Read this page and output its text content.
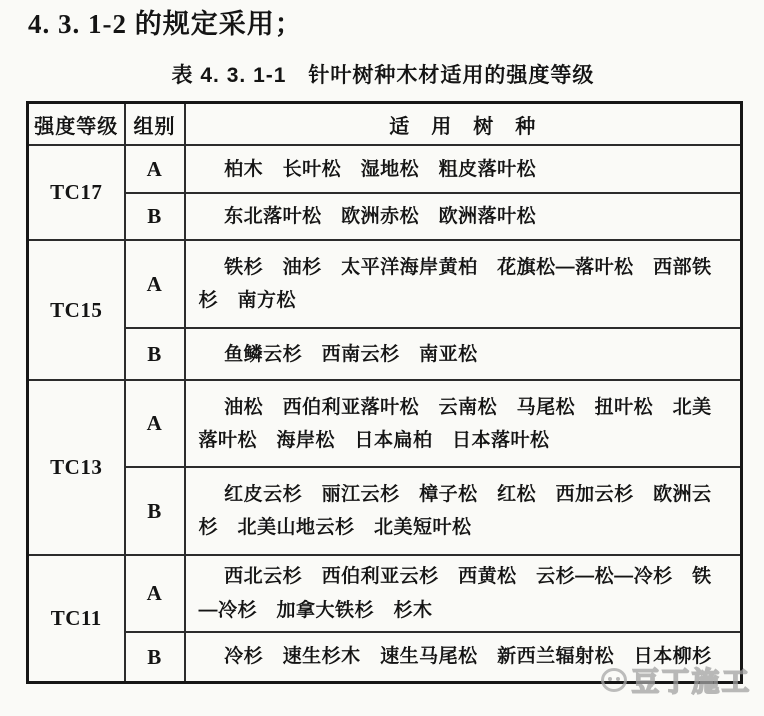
4. 3. 1-2 的规定采用；
表 4. 3. 1-1　针叶树种木材适用的强度等级
强度等级	组别	适　用　树　种
TC17	A	柏木　长叶松　湿地松　粗皮落叶松
	B	东北落叶松　欧洲赤松　欧洲落叶松
TC15	A	铁杉　油杉　太平洋海岸黄柏　花旗松—落叶松　西部铁杉　南方松
	B	鱼鳞云杉　西南云杉　南亚松
TC13	A	油松　西伯利亚落叶松　云南松　马尾松　扭叶松　北美落叶松　海岸松　日本扁柏　日本落叶松
	B	红皮云杉　丽江云杉　樟子松　红松　西加云杉　欧洲云杉　北美山地云杉　北美短叶松
TC11	A	西北云杉　西伯利亚云杉　西黄松　云杉—松—冷杉　铁—冷杉　加拿大铁杉　杉木
	B	冷杉　速生杉木　速生马尾松　新西兰辐射松　日本柳杉
豆丁施工
